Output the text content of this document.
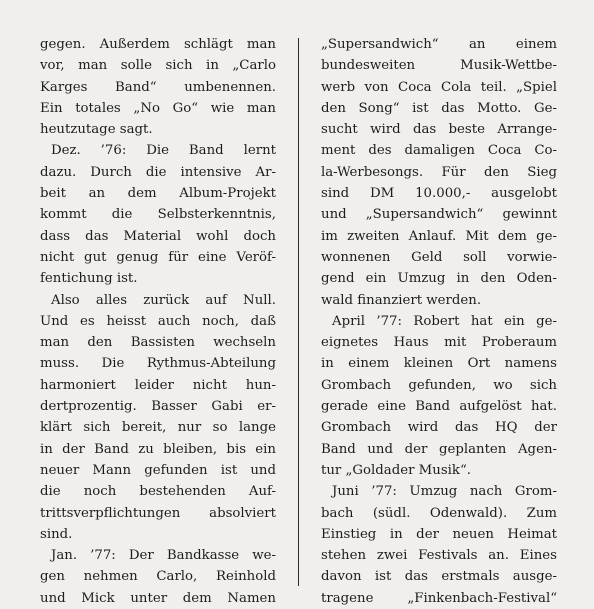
gegen. Außerdem schlägt man
vor, man solle sich in „Carlo
Karges Band“ umbenennen.
Ein totales „No Go“ wie man
heutzutage sagt.
Dez. ’76: Die Band lernt
dazu. Durch die intensive Ar-
beit an dem Album-Projekt
kommt die Selbsterkenntnis,
dass das Material wohl doch
nicht gut genug für eine Veröf-
fentichung ist.
Also alles zurück auf Null.
Und es heisst auch noch, daß
man den Bassisten wechseln
muss. Die Rythmus-Abteilung
harmoniert leider nicht hun-
dertprozentig. Basser Gabi er-
klärt sich bereit, nur so lange
in der Band zu bleiben, bis ein
neuer Mann gefunden ist und
die noch bestehenden Auf-
trittsverpflichtungen absolviert
sind.
Jan. ’77: Der Bandkasse we-
gen nehmen Carlo, Reinhold
und Mick unter dem Namen
„Supersandwich“ an einem
bundesweiten Musik-Wettbe-
werb von Coca Cola teil. „Spiel
den Song“ ist das Motto. Ge-
sucht wird das beste Arrange-
ment des damaligen Coca Co-
la-Werbesongs. Für den Sieg
sind DM 10.000,- ausgelobt
und „Supersandwich“ gewinnt
im zweiten Anlauf. Mit dem ge-
wonnenen Geld soll vorwie-
gend ein Umzug in den Oden-
wald finanziert werden.
April ’77: Robert hat ein ge-
eignetes Haus mit Proberaum
in einem kleinen Ort namens
Grombach gefunden, wo sich
gerade eine Band aufgelöst hat.
Grombach wird das HQ der
Band und der geplanten Agen-
tur „Goldader Musik“.
Juni ’77: Umzug nach Grom-
bach (südl. Odenwald). Zum
Einstieg in der neuen Heimat
stehen zwei Festivals an. Eines
davon ist das erstmals ausge-
tragene „Finkenbach-Festival“
